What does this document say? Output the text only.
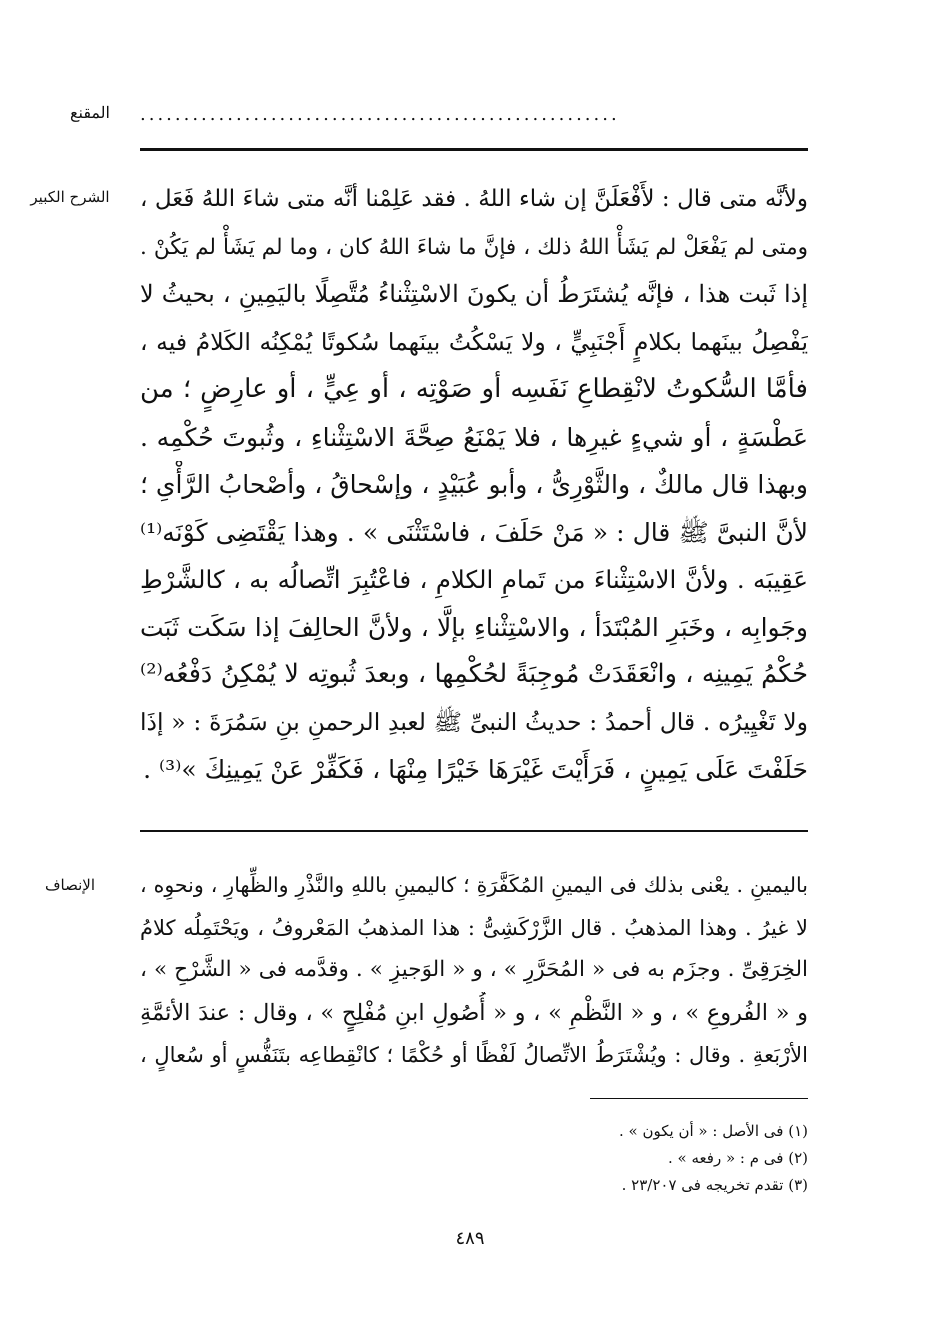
المقنع	.......................................................
الشرح الكبير	ولأنَّه متى قال : لأَفْعَلَنَّ إن شاء اللهُ . فقد عَلِمْنا أنَّه متى شاءَ اللهُ فَعَل ،
ومتى لم يَفْعَلْ لم يَشَأْ اللهُ ذلك ، فإنَّ ما شاءَ اللهُ كان ، وما لم يَشَأْ لم يَكُنْ .
إذا ثَبت هذا ، فإنَّه يُشتَرَطُ أن يكونَ الاسْتِثْناءُ مُتَّصِلًا باليَمِينِ ، بحيثُ لا
يَفْصِلُ بينَهما بكلامٍ أَجْنَبِيٍّ ، ولا يَسْكُتُ بينَهما سُكوتًا يُمْكِنُه الكَلامُ فيه ،
فأمَّا السُّكوتُ لانْقِطاعِ نَفَسِه أو صَوْتِه ، أو عِيٍّ ، أو عارِضٍ ؛ من
عَطْسَةٍ ، أو شيءٍ غيرِها ، فلا يَمْنَعُ صِحَّةَ الاسْتِثْناءِ ، وثُبوتَ حُكْمِه .
وبهذا قال مالكٌ ، والثَّوْرِىُّ ، وأبو عُبَيْدٍ ، وإسْحاقُ ، وأصْحابُ الرَّأْىِ ؛
لأنَّ النبىَّ ﷺ قال : « مَنْ حَلَفَ ، فاسْتَثْنَى » . وهذا يَقْتَضِى كَوْنَه⁽¹⁾
عَقِيبَه . ولأنَّ الاسْتِثْناءَ من تَمامِ الكلامِ ، فاعْتُبِرَ اتِّصالُه به ، كالشَّرْطِ
وجَوابِه ، وخَبَرِ المُبْتَدَأ ، والاسْتِثْناءِ بإلَّا ، ولأنَّ الحالِفَ إذا سَكَت ثَبَت
حُكْمُ يَمِينِه ، وانْعَقَدَتْ مُوجِبَةً لحُكْمِها ، وبعدَ ثُبوتِه لا يُمْكِنُ دَفْعُه⁽²⁾
ولا تَغْيِيرُه . قال أحمدُ : حديثُ النبىِّ ﷺ لعبدِ الرحمنِ بنِ سَمُرَةَ : « إذَا
حَلَفْتَ عَلَى يَمِينٍ ، فَرَأَيْتَ غَيْرَهَا خَيْرًا مِنْهَا ، فَكَفِّرْ عَنْ يَمِينِكَ »⁽³⁾ .
الإنصاف	باليمينِ . يعْنى بذلك فى اليمينِ المُكَفَّرَةِ ؛ كاليمينِ باللهِ والنَّذْرِ والظِّهارِ ، ونحوِه ،
لا غيرُ . وهذا المذهبُ . قال الزَّرْكَشِىُّ : هذا المذهبُ المَعْروفُ ، ويَحْتَمِلُه كلامُ
الخِرَقِىِّ . وجزَم به فى « المُحَرَّرِ » ، و « الوَجيزِ » . وقدَّمه فى « الشَّرْحِ » ،
و « الفُروعِ » ، و « النَّظْمِ » ، و « أُصُولِ ابنِ مُفْلِحٍ » ، وقال : عندَ الأئمَّةِ
الأرْبَعةِ . وقال : ويُشْتَرَطُ الاتِّصالُ لَفْظًا أو حُكْمًا ؛ كانْقِطاعِه بتَنَفُّسٍ أو سُعالٍ ،
(١) فى الأصل : « أن يكون » .
(٢) فى م : « رفعه » .
(٣) تقدم تخريجه فى ٢٣/٢٠٧ .
٤٨٩
